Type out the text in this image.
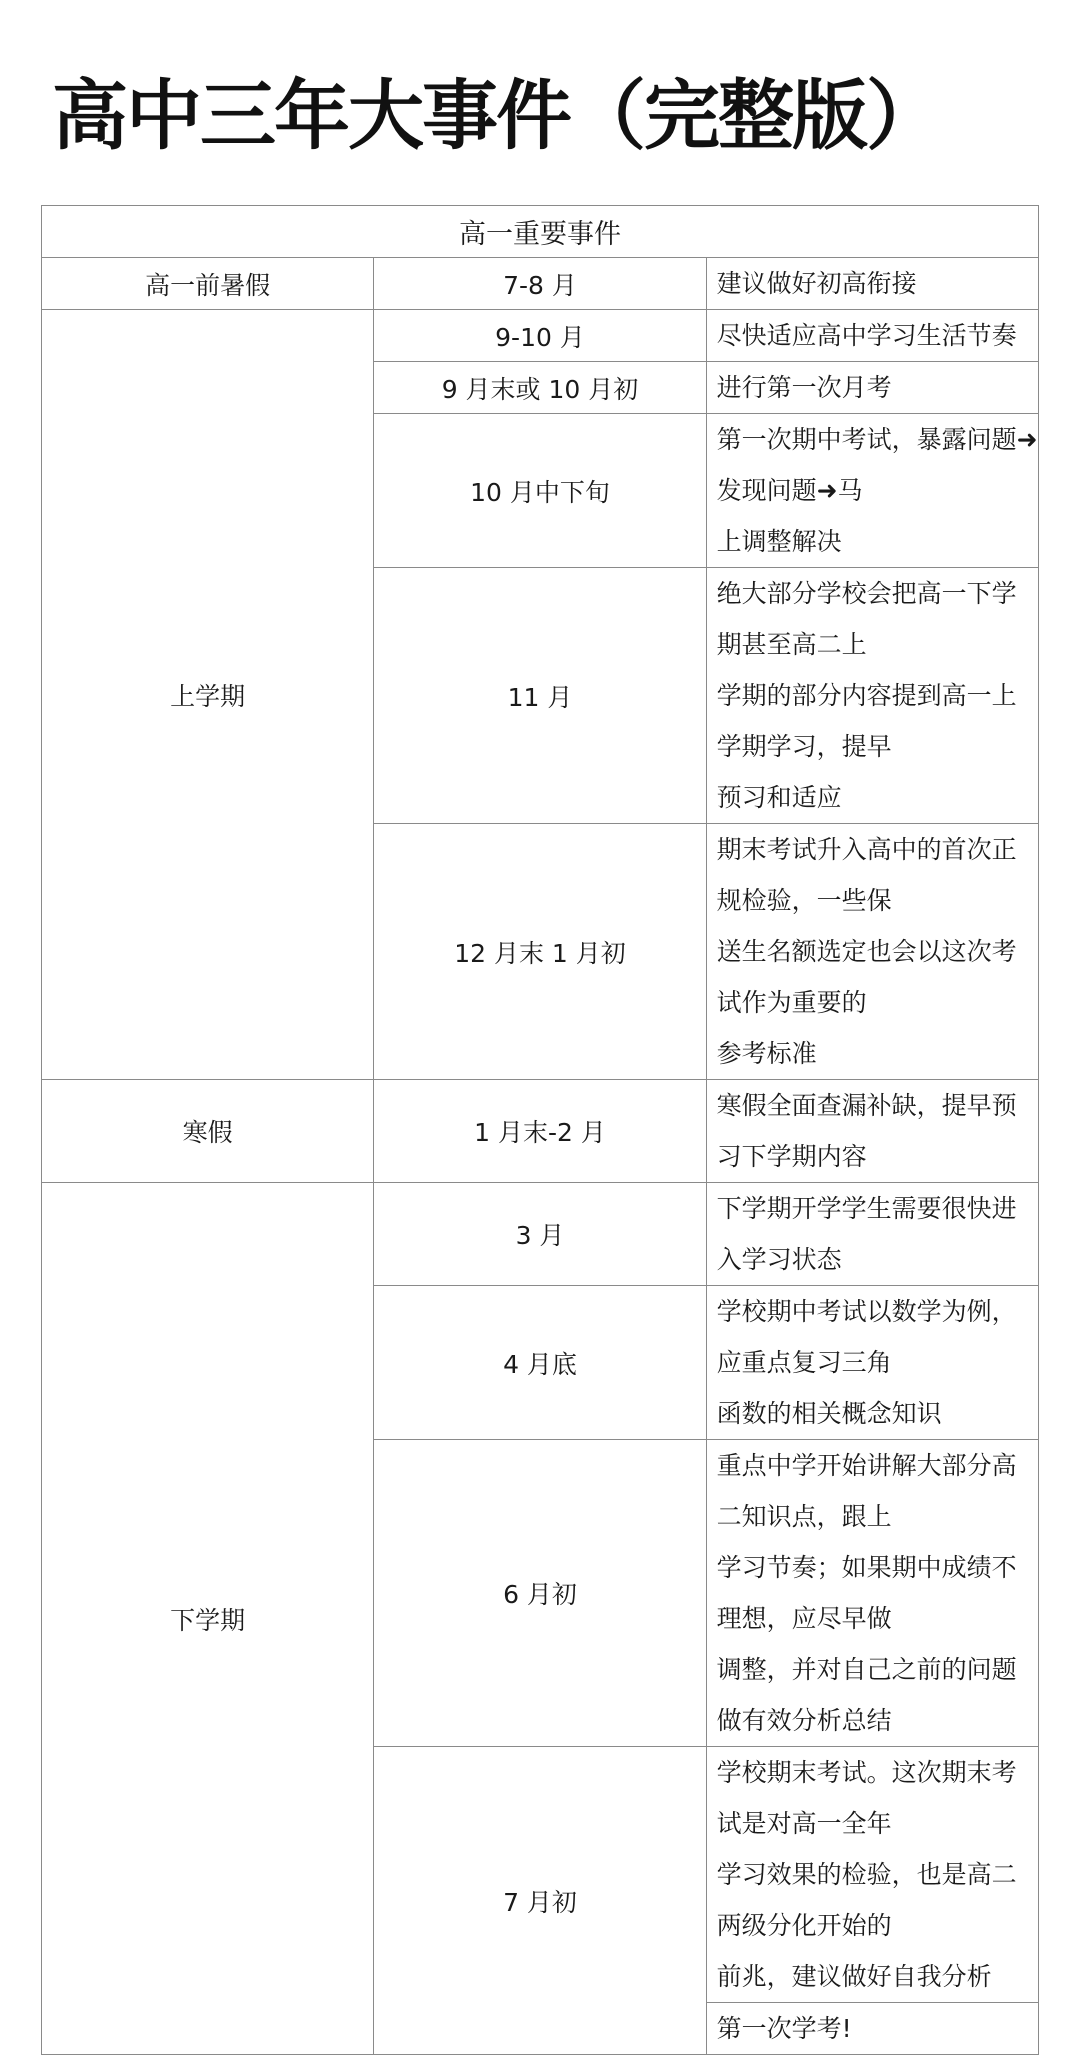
高中三年大事件（完整版）
高一重要事件		
高一前暑假	7-8 月	建议做好初高衔接

上学期	9-10 月	尽快适应高中学习生活节奏

	9 月末或 10 月初	进行第一次月考

	10 月中下旬	第一次期中考试，暴露问题➜发现问题➜马
上调整解决

	11 月	绝大部分学校会把高一下学期甚至高二上
学期的部分内容提到高一上学期学习，提早
预习和适应

	12 月末 1 月初	期末考试升入高中的首次正规检验，一些保
送生名额选定也会以这次考试作为重要的
参考标准

寒假	1 月末-2 月	寒假全面查漏补缺，提早预习下学期内容

下学期	3 月	下学期开学学生需要很快进入学习状态

	4 月底	学校期中考试以数学为例，应重点复习三角
函数的相关概念知识

	6 月初	重点中学开始讲解大部分高二知识点，跟上
学习节奏；如果期中成绩不理想，应尽早做
调整，并对自己之前的问题做有效分析总结

	7 月初	学校期末考试。这次期末考试是对高一全年
学习效果的检验，也是高二两级分化开始的
前兆，建议做好自我分析

		第一次学考!
